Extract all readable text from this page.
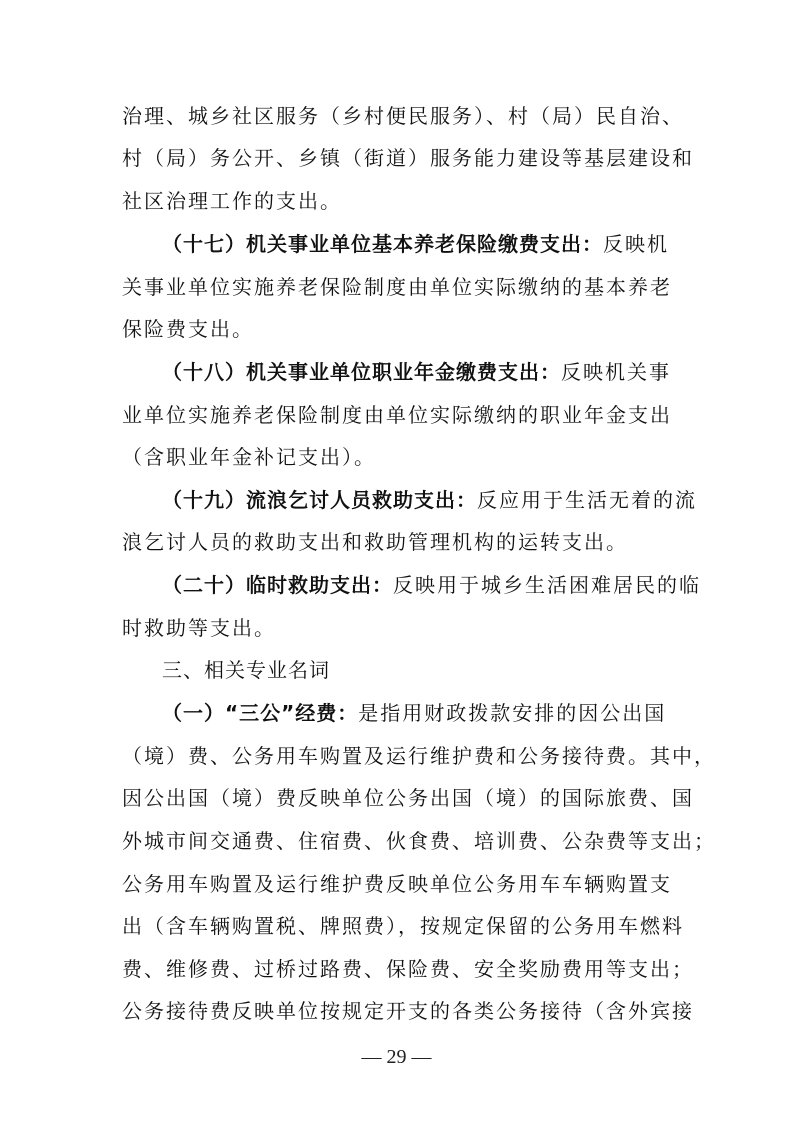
治理、城乡社区服务（乡村便民服务）、村（局）民自治、
村（局）务公开、乡镇（街道）服务能力建设等基层建设和
社区治理工作的支出。
（十七）机关事业单位基本养老保险缴费支出：反映机
关事业单位实施养老保险制度由单位实际缴纳的基本养老
保险费支出。
（十八）机关事业单位职业年金缴费支出：反映机关事
业单位实施养老保险制度由单位实际缴纳的职业年金支出
（含职业年金补记支出）。
（十九）流浪乞讨人员救助支出：反应用于生活无着的流
浪乞讨人员的救助支出和救助管理机构的运转支出。
（二十）临时救助支出：反映用于城乡生活困难居民的临
时救助等支出。
三、相关专业名词
（一）“三公”经费：是指用财政拨款安排的因公出国
（境）费、公务用车购置及运行维护费和公务接待费。其中，
因公出国（境）费反映单位公务出国（境）的国际旅费、国
外城市间交通费、住宿费、伙食费、培训费、公杂费等支出；
公务用车购置及运行维护费反映单位公务用车车辆购置支
出（含车辆购置税、牌照费），按规定保留的公务用车燃料
费、维修费、过桥过路费、保险费、安全奖励费用等支出；
公务接待费反映单位按规定开支的各类公务接待（含外宾接
— 29 —
